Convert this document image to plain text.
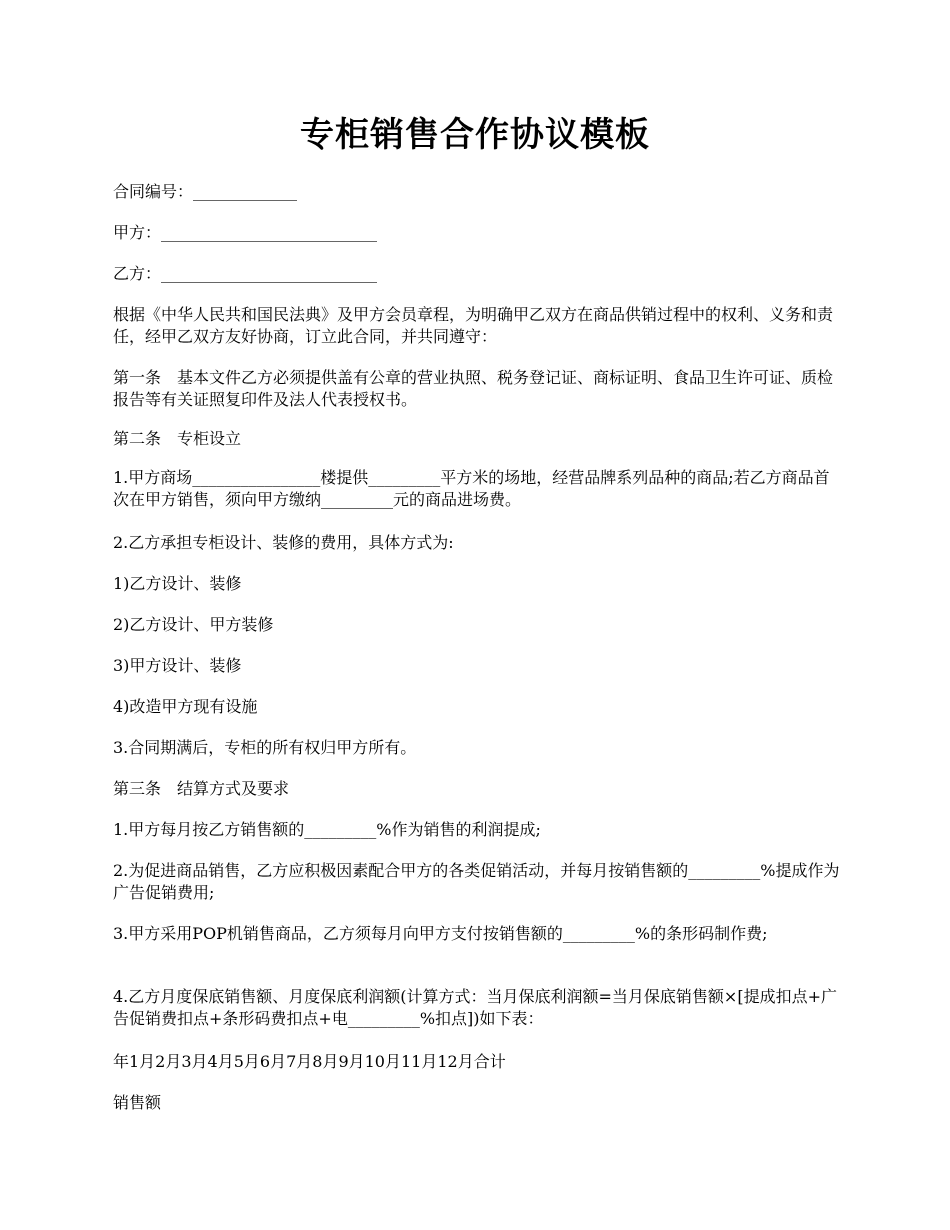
专柜销售合作协议模板

合同编号：_____________

甲方：___________________________

乙方：___________________________

根据《中华人民共和国民法典》及甲方会员章程，为明确甲乙双方在商品供销过程中的权利、义务和责任，经甲乙双方友好协商，订立此合同，并共同遵守：

第一条　基本文件乙方必须提供盖有公章的营业执照、税务登记证、商标证明、食品卫生许可证、质检报告等有关证照复印件及法人代表授权书。

第二条　专柜设立

1.甲方商场________________楼提供_________平方米的场地，经营品牌系列品种的商品;若乙方商品首次在甲方销售，须向甲方缴纳_________元的商品进场费。

2.乙方承担专柜设计、装修的费用，具体方式为:

1)乙方设计、装修

2)乙方设计、甲方装修

3)甲方设计、装修

4)改造甲方现有设施

3.合同期满后，专柜的所有权归甲方所有。

第三条　结算方式及要求

1.甲方每月按乙方销售额的_________%作为销售的利润提成;

2.为促进商品销售，乙方应积极因素配合甲方的各类促销活动，并每月按销售额的_________%提成作为广告促销费用;

3.甲方采用POP机销售商品，乙方须每月向甲方支付按销售额的_________%的条形码制作费;

4.乙方月度保底销售额、月度保底利润额(计算方式：当月保底利润额=当月保底销售额×[提成扣点+广告促销费扣点+条形码费扣点+电_________%扣点])如下表：

年1月2月3月4月5月6月7月8月9月10月11月12月合计

销售额
